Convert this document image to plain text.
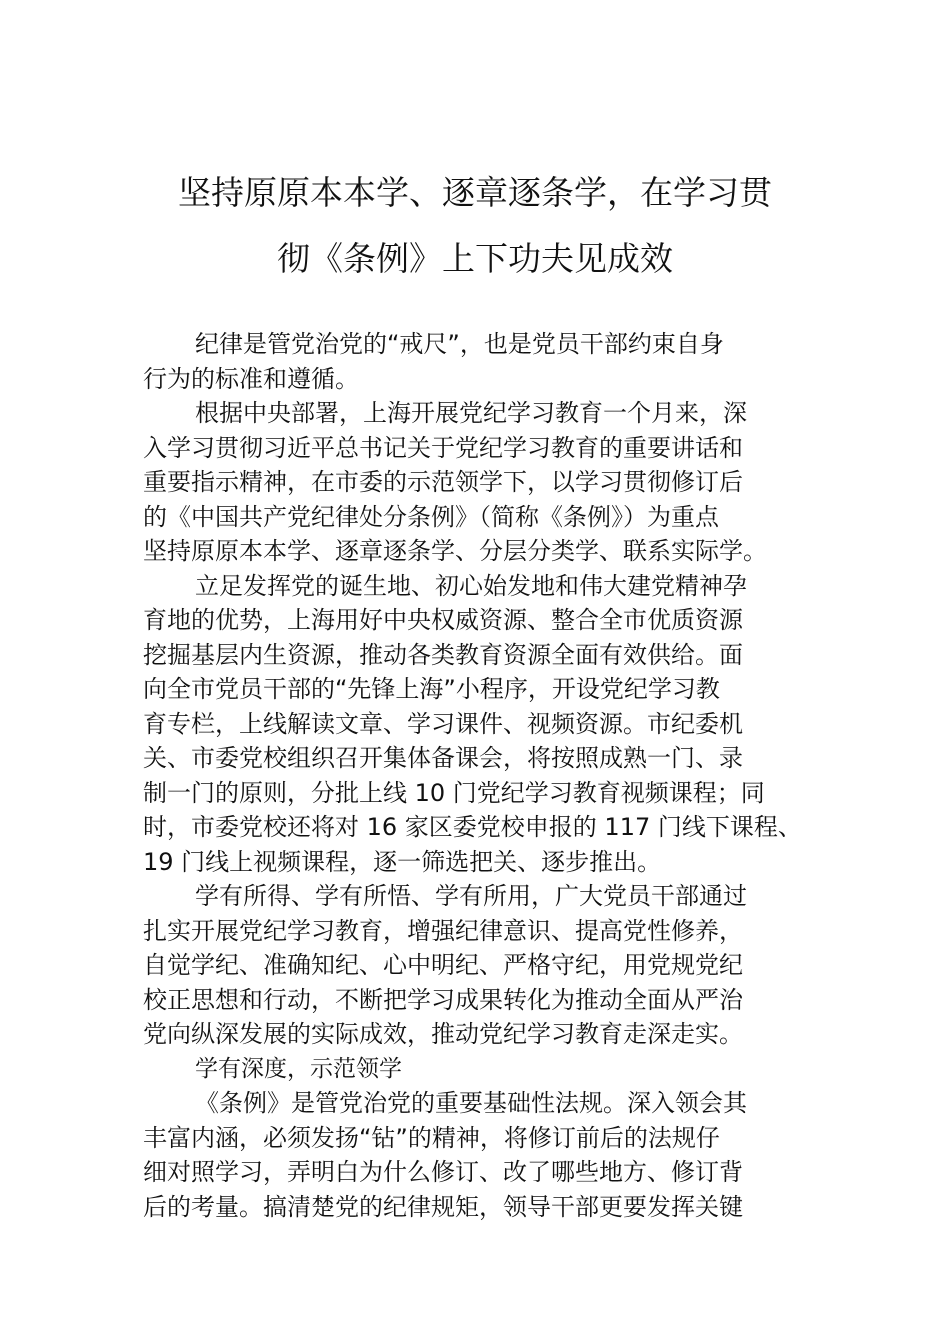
坚持原原本本学、逐章逐条学，在学习贯
彻《条例》上下功夫见成效
纪律是管党治党的“戒尺”，也是党员干部约束自身
行为的标准和遵循。
根据中央部署，上海开展党纪学习教育一个月来，深
入学习贯彻习近平总书记关于党纪学习教育的重要讲话和
重要指示精神，在市委的示范领学下，以学习贯彻修订后
的《中国共产党纪律处分条例》（简称《条例》）为重点
坚持原原本本学、逐章逐条学、分层分类学、联系实际学。
立足发挥党的诞生地、初心始发地和伟大建党精神孕
育地的优势，上海用好中央权威资源、整合全市优质资源
挖掘基层内生资源，推动各类教育资源全面有效供给。面
向全市党员干部的“先锋上海”小程序，开设党纪学习教
育专栏，上线解读文章、学习课件、视频资源。市纪委机
关、市委党校组织召开集体备课会，将按照成熟一门、录
制一门的原则，分批上线 10 门党纪学习教育视频课程；同
时，市委党校还将对 16 家区委党校申报的 117 门线下课程、
19 门线上视频课程，逐一筛选把关、逐步推出。
学有所得、学有所悟、学有所用，广大党员干部通过
扎实开展党纪学习教育，增强纪律意识、提高党性修养，
自觉学纪、准确知纪、心中明纪、严格守纪，用党规党纪
校正思想和行动，不断把学习成果转化为推动全面从严治
党向纵深发展的实际成效，推动党纪学习教育走深走实。
学有深度，示范领学
《条例》是管党治党的重要基础性法规。深入领会其
丰富内涵，必须发扬“钻”的精神，将修订前后的法规仔
细对照学习，弄明白为什么修订、改了哪些地方、修订背
后的考量。搞清楚党的纪律规矩，领导干部更要发挥关键
